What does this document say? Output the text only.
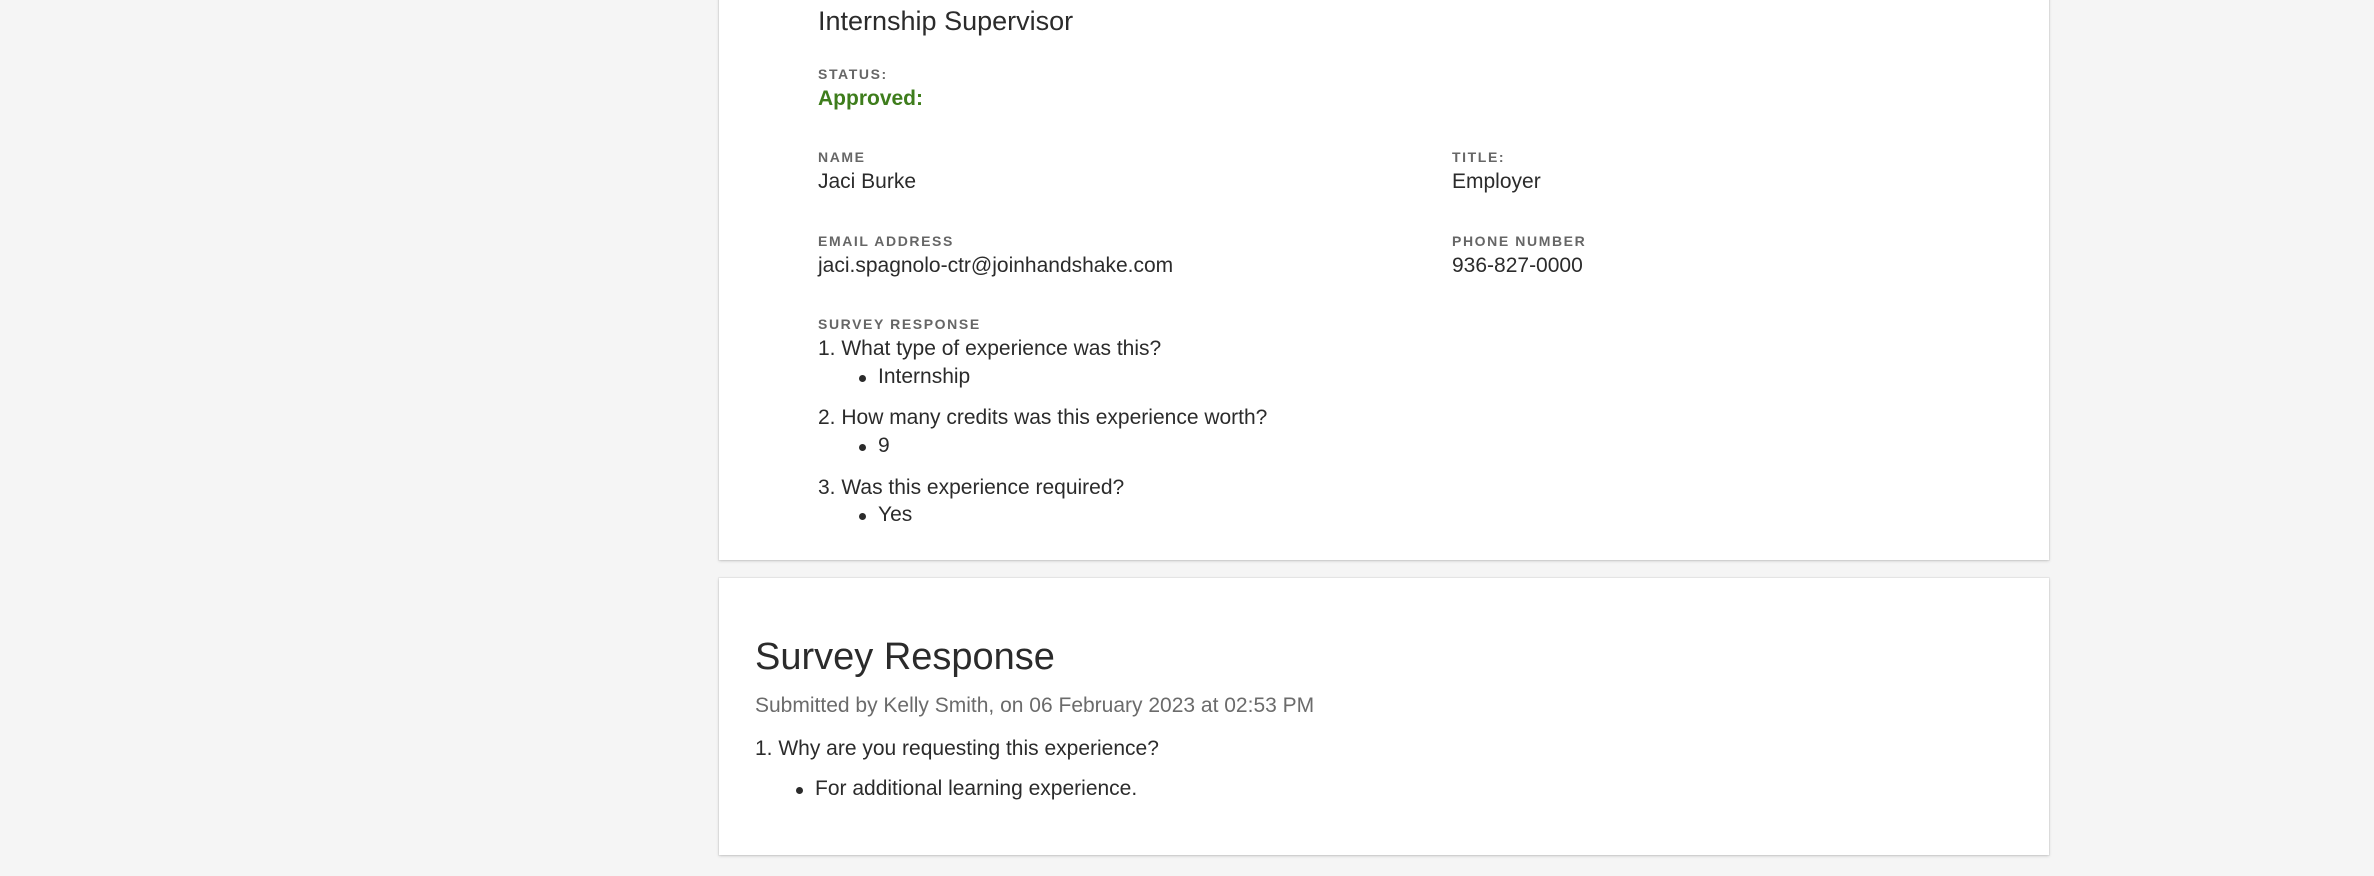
Internship Supervisor
STATUS:
Approved:
NAME
Jaci Burke
TITLE:
Employer
EMAIL ADDRESS
jaci.spagnolo-ctr@joinhandshake.com
PHONE NUMBER
936-827-0000
SURVEY RESPONSE
1. What type of experience was this?
Internship
2. How many credits was this experience worth?
9
3. Was this experience required?
Yes
Survey Response
Submitted by Kelly Smith, on 06 February 2023 at 02:53 PM
1. Why are you requesting this experience?
For additional learning experience.
